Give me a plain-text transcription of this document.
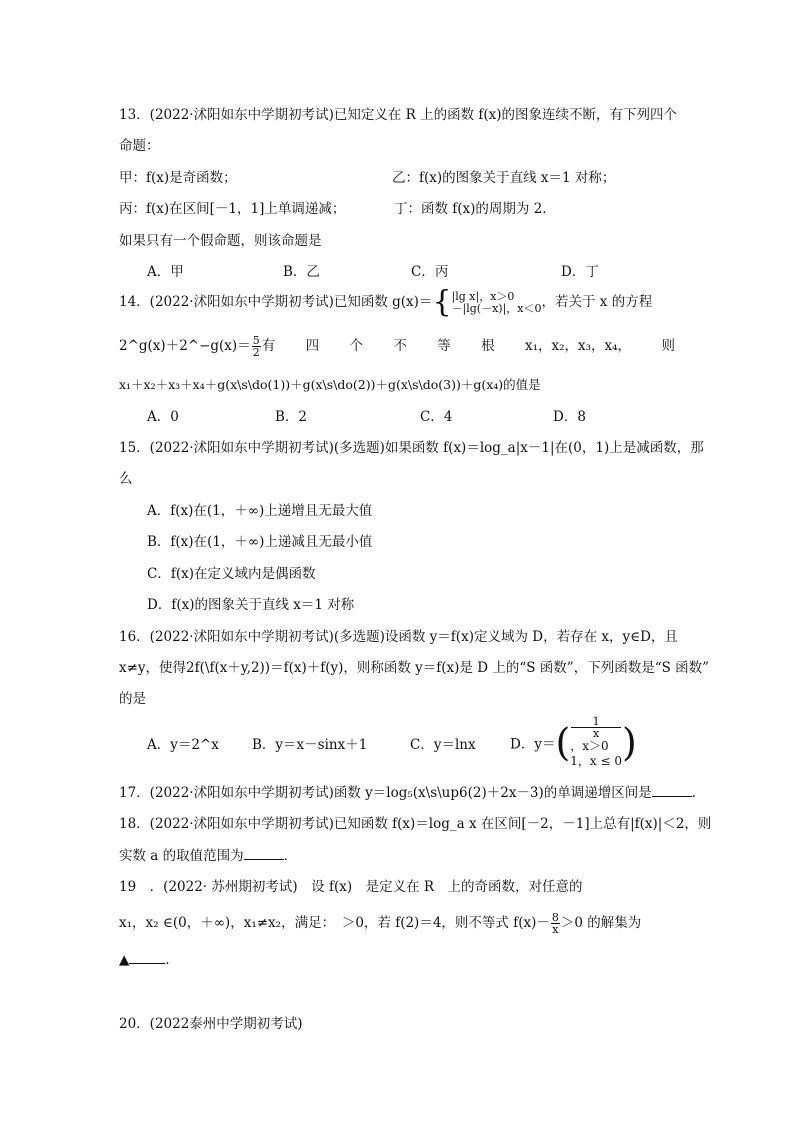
13．(2022·沭阳如东中学期初考试)已知定义在 R 上的函数 f(x)的图象连续不断，有下列四个
命题：
甲：f(x)是奇函数；	乙：f(x)的图象关于直线 x＝1 对称；
丙：f(x)在区间[－1，1]上单调递减；	丁：函数 f(x)的周期为 2．
如果只有一个假命题，则该命题是
A．甲	B．乙	C．丙	D．丁
14．(2022·沭阳如东中学期初考试)已知函数 g(x)＝{ |lg x|，x＞0
－|lg(－x)|，x＜0 ，若关于 x 的方程
2^g(x)＋2^−g(x)＝ $\frac{5}{2}$ 有 四 个 不 等 根 x₁，x₂，x₃，x₄， 则
x₁＋x₂＋x₃＋x₄＋g(x\s\do(1))＋g(x\s\do(2))＋g(x\s\do(3))＋g(x₄)的值是
A．0	B．2	C．4	D．8
15．(2022·沭阳如东中学期初考试)(多选题)如果函数 f(x)＝log_a|x－1|在(0，1)上是减函数，那
么
A．f(x)在(1，＋∞)上递增且无最大值
B．f(x)在(1，＋∞)上递减且无最小值
C．f(x)在定义域内是偶函数
D．f(x)的图象关于直线 x＝1 对称
16．(2022·沭阳如东中学期初考试)(多选题)设函数 y＝f(x)定义域为 D，若存在 x，y∈D，且
x≠y，使得2f(\f(x＋y,2))＝f(x)＋f(y)，则称函数 y＝f(x)是 D 上的“S 函数”，下列函数是“S 函数”
的是
A．y＝2^x B．y＝x－sinx＋1	C．y＝lnx	D．y＝(	1
x
，x＞0
1，x ≤ 0 )
17．(2022·沭阳如东中学期初考试)函数 y＝log₅(x\s\up6(2)＋2x－3)的单调递增区间是	．
18．(2022·沭阳如东中学期初考试)已知函数 f(x)＝log_a x 在区间[－2，－1]上总有|f(x)|＜2，则
实数 a 的取值范围为	．
19　．(2022· 苏州期初考试)　设 f(x)　是定义在 R　上的奇函数，对任意的
x₁，x₂ ∈(0，＋∞)，x₁≠x₂，满足：　＞0，若 f(2)＝4，则不等式 $f(x)- \frac{8}{x} >0$ 的解集为
▲	．
20．(2022泰州中学期初考试)
